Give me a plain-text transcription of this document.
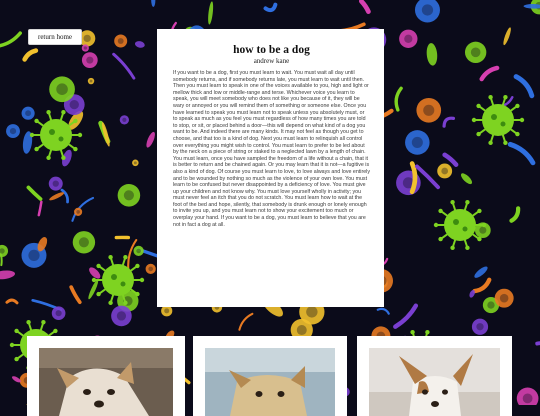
return home
how to be a dog

andrew kane

If you want to be a dog, first you must learn to wait. You must wait all day until somebody returns, and if somebody returns late, you must learn to wait until then. Then you must learn to speak in one of the voices available to you, high and light or mellow thick and low or middle-range and terse. Whichever voice you learn to speak, you will meet somebody who does not like you because of it, they will be wary or annoyed or you will remind them of something or someone else. Once you have learned to speak you must learn not to speak unless you absolutely must, or to speak as much as you feel you must regardless of how many times you are told to stop, or sit, or placed behind a door—this will depend on what kind of a dog you want to be. And indeed there are many kinds. It may not feel as though you get to choose, and that too is a kind of dog. Next you must learn to relinquish all control over everything you might wish to control. You must learn to prefer to be led about by the neck on a piece of string or staked to a neglected lawn by a length of chain. You must learn, once you have sampled the freedom of a life without a chain, that it is better to return and be chained again. Or you may learn that it is not—a fugitive is also a kind of dog. Of course you must learn to love, to love always and love entirely and to be wounded by nothing so much as the violence of your own love. You must learn to be confused but never disappointed by a deficiency of love. You must give up your children and not know why. You must love yourself wholly in activity; you must never feel an itch that you do not scratch. You must learn how to wait at the foot of the bed and hope, silently, that somebody is drunk enough or lonely enough to invite you up, and you must learn not to show your excitement too much or overplay your hand. If you want to be a dog, you must learn to believe that you are not in fact a dog at all.
